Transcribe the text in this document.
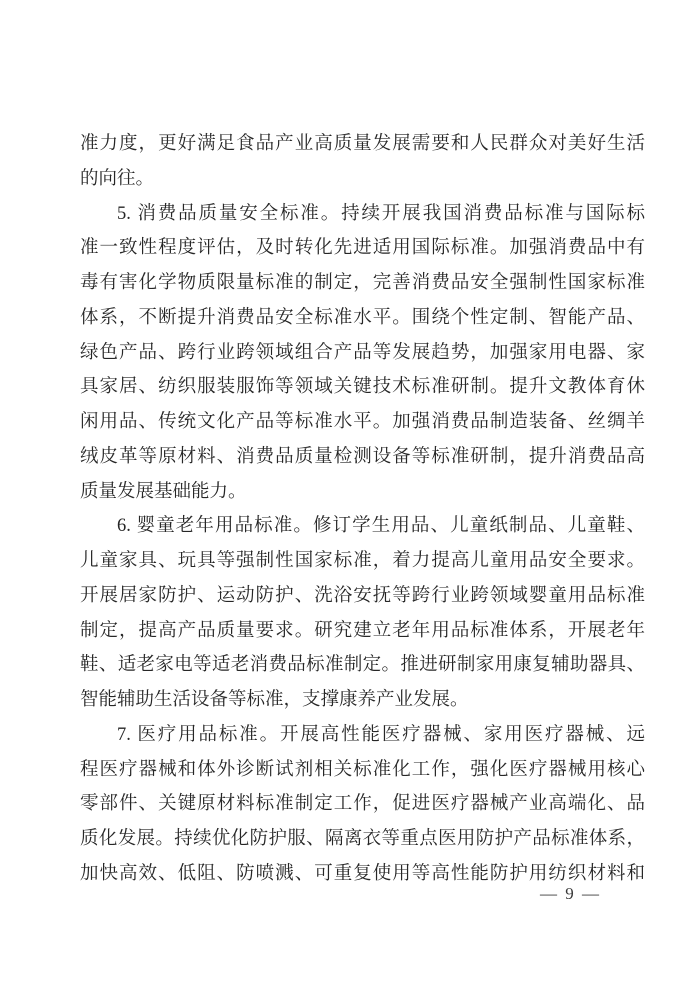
准力度，更好满足食品产业高质量发展需要和人民群众对美好生活
的向往。
5. 消费品质量安全标准。持续开展我国消费品标准与国际标
准一致性程度评估，及时转化先进适用国际标准。加强消费品中有
毒有害化学物质限量标准的制定，完善消费品安全强制性国家标准
体系，不断提升消费品安全标准水平。围绕个性定制、智能产品、
绿色产品、跨行业跨领域组合产品等发展趋势，加强家用电器、家
具家居、纺织服装服饰等领域关键技术标准研制。提升文教体育休
闲用品、传统文化产品等标准水平。加强消费品制造装备、丝绸羊
绒皮革等原材料、消费品质量检测设备等标准研制，提升消费品高
质量发展基础能力。
6. 婴童老年用品标准。修订学生用品、儿童纸制品、儿童鞋、
儿童家具、玩具等强制性国家标准，着力提高儿童用品安全要求。
开展居家防护、运动防护、洗浴安抚等跨行业跨领域婴童用品标准
制定，提高产品质量要求。研究建立老年用品标准体系，开展老年
鞋、适老家电等适老消费品标准制定。推进研制家用康复辅助器具、
智能辅助生活设备等标准，支撑康养产业发展。
7. 医疗用品标准。开展高性能医疗器械、家用医疗器械、远
程医疗器械和体外诊断试剂相关标准化工作，强化医疗器械用核心
零部件、关键原材料标准制定工作，促进医疗器械产业高端化、品
质化发展。持续优化防护服、隔离衣等重点医用防护产品标准体系，
加快高效、低阻、防喷溅、可重复使用等高性能防护用纺织材料和
— 9 —
